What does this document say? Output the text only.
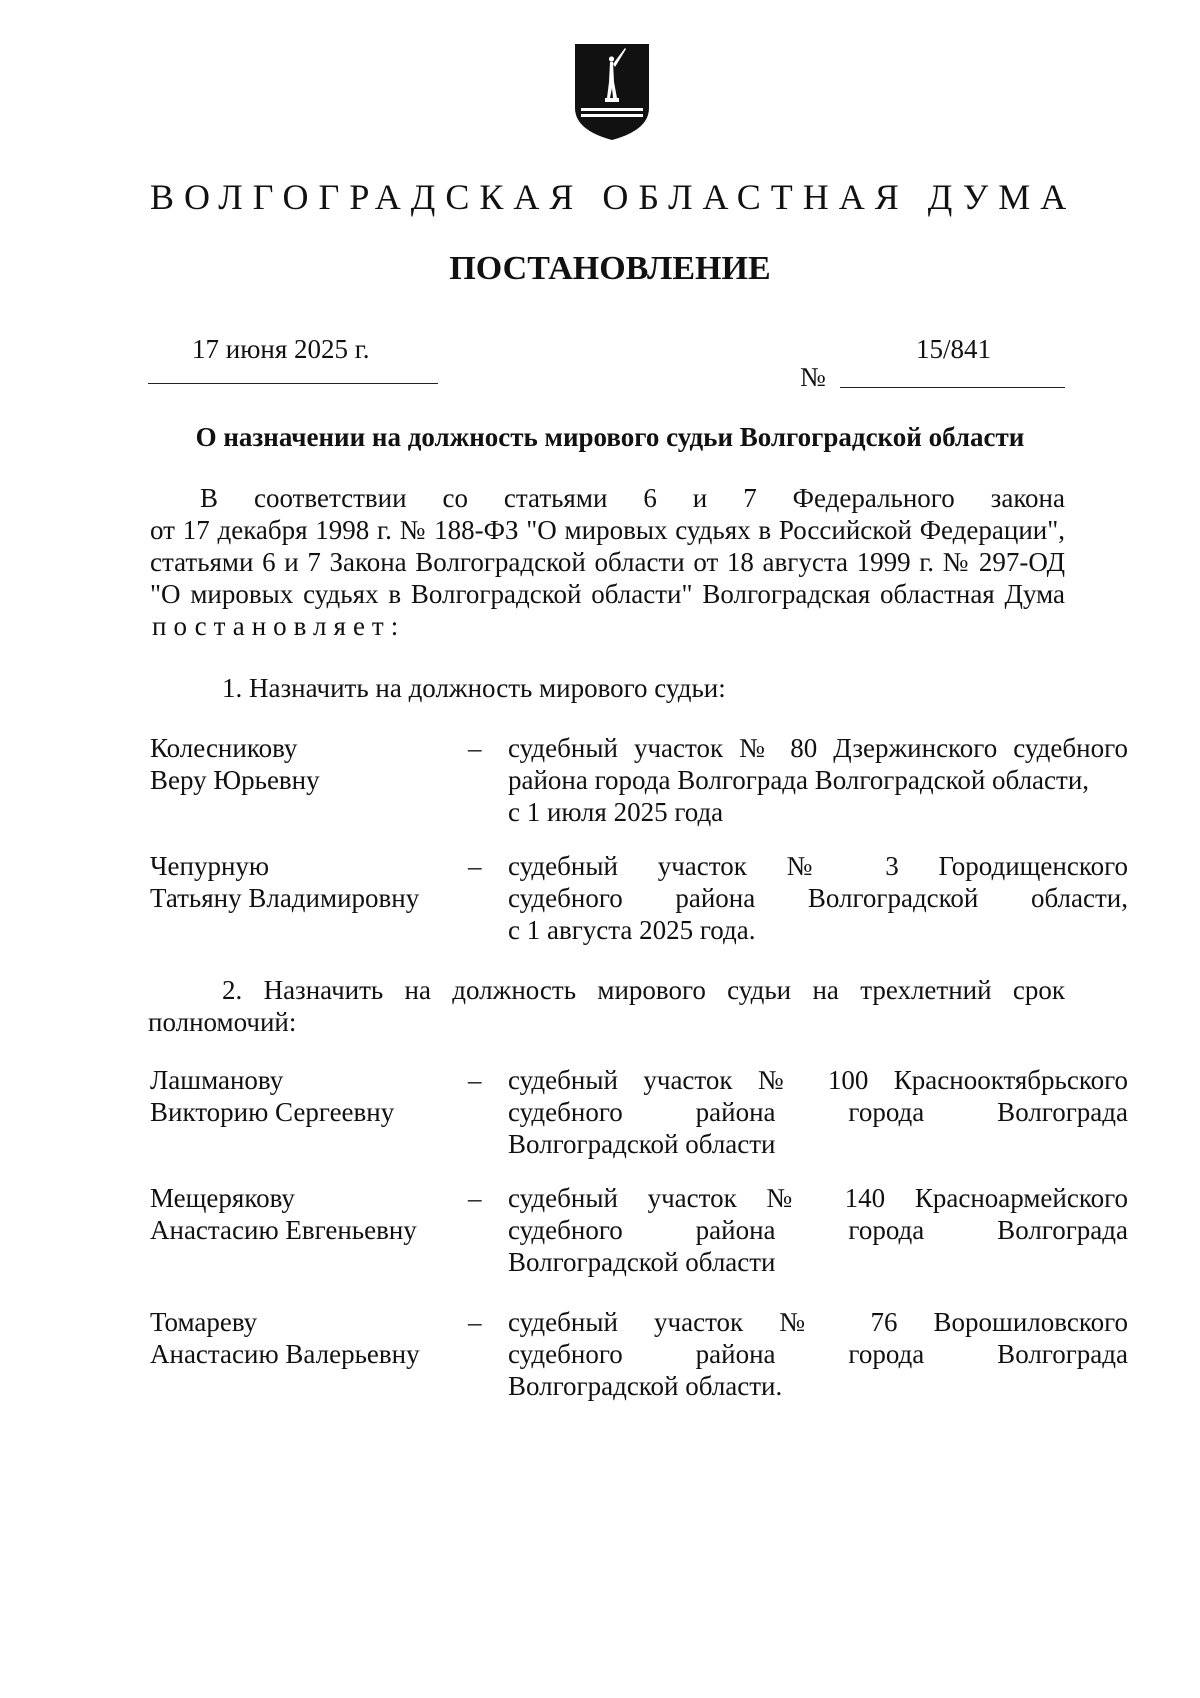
ВОЛГОГРАДСКАЯ ОБЛАСТНАЯ ДУМА
ПОСТАНОВЛЕНИЕ
17 июня 2025 г.	15/841
№
О назначении на должность мирового судьи Волгоградской области
В соответствии со статьями 6 и 7 Федерального закона
от 17 декабря 1998 г. № 188-ФЗ "О мировых судьях в Российской Федерации",
статьями 6 и 7 Закона Волгоградской области от 18 августа 1999 г. № 297-ОД
"О мировых судьях в Волгоградской области" Волгоградская областная Дума
постановляет:
1. Назначить на должность мирового судьи:
Колесникову
Веру Юрьевну
– судебный участок № 80 Дзержинского судебного
района города Волгограда Волгоградской области,
с 1 июля 2025 года
Чепурную
Татьяну Владимировну
– судебный участок № 3 Городищенского
судебного района Волгоградской области,
с 1 августа 2025 года.
2. Назначить на должность мирового судьи на трехлетний срок
полномочий:
Лашманову
Викторию Сергеевну
– судебный участок № 100 Краснооктябрьского
судебного района города Волгограда
Волгоградской области
Мещерякову
Анастасию Евгеньевну
– судебный участок № 140 Красноармейского
судебного района города Волгограда
Волгоградской области
Томареву
Анастасию Валерьевну
– судебный участок № 76 Ворошиловского
судебного района города Волгограда
Волгоградской области.
